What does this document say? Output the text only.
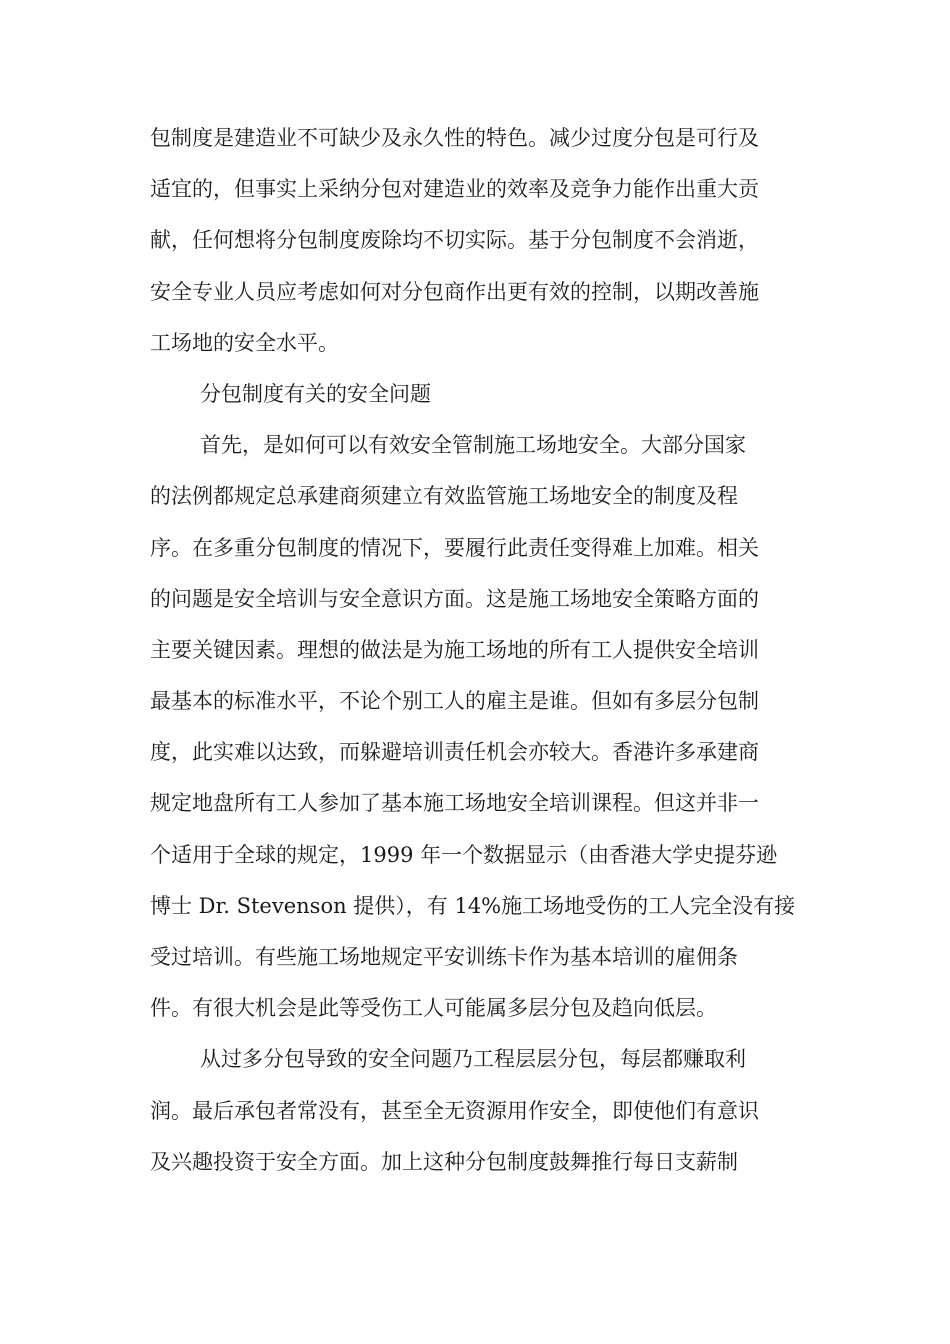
包制度是建造业不可缺少及永久性的特色。减少过度分包是可行及
适宜的，但事实上采纳分包对建造业的效率及竞争力能作出重大贡
献，任何想将分包制度废除均不切实际。基于分包制度不会消逝，
安全专业人员应考虑如何对分包商作出更有效的控制，以期改善施
工场地的安全水平。
分包制度有关的安全问题
首先，是如何可以有效安全管制施工场地安全。大部分国家
的法例都规定总承建商须建立有效监管施工场地安全的制度及程
序。在多重分包制度的情况下，要履行此责任变得难上加难。相关
的问题是安全培训与安全意识方面。这是施工场地安全策略方面的
主要关键因素。理想的做法是为施工场地的所有工人提供安全培训
最基本的标准水平，不论个别工人的雇主是谁。但如有多层分包制
度，此实难以达致，而躲避培训责任机会亦较大。香港许多承建商
规定地盘所有工人参加了基本施工场地安全培训课程。但这并非一
个适用于全球的规定，1999 年一个数据显示（由香港大学史提芬逊
博士 Dr. Stevenson 提供），有 14%施工场地受伤的工人完全没有接
受过培训。有些施工场地规定平安训练卡作为基本培训的雇佣条
件。有很大机会是此等受伤工人可能属多层分包及趋向低层。
从过多分包导致的安全问题乃工程层层分包，每层都赚取利
润。最后承包者常没有，甚至全无资源用作安全，即使他们有意识
及兴趣投资于安全方面。加上这种分包制度鼓舞推行每日支薪制
